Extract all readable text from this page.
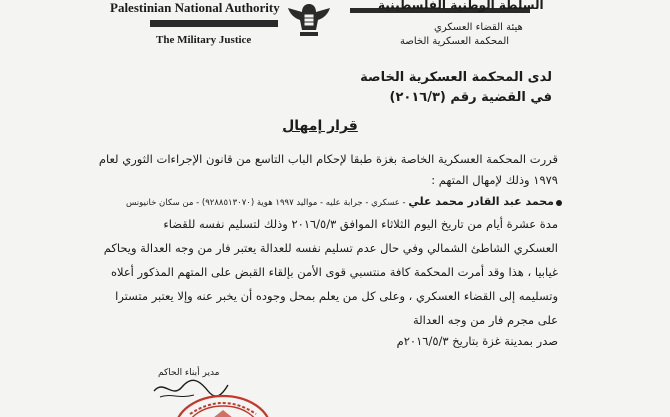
Palestinian National Authority
The Military Justice
السلطة الوطنية الفلسطينية
هيئة القضاء العسكري
المحكمة العسكرية الخاصة
لدى المحكمة العسكرية الخاصة
في القضية رقم (٢٠١٦/٣)
قرار إمهال
قررت المحكمة العسكرية الخاصة بغزة طبقا لإحكام الباب التاسع من قانون الإجراءات الثوري لعام
١٩٧٩ وذلك لإمهال المتهم :
محمد عبد القادر محمد علي - عسكري - جرابة عليه - مواليد ١٩٩٧ هوية (٩٢٨٨٥١٣٠٧٠) - من سكان خانيونس
مدة عشرة أيام من تاريخ اليوم الثلاثاء الموافق ٢٠١٦/٥/٣ وذلك لتسليم نفسه للقضاء
العسكري الشاطئ الشمالي وفي حال عدم تسليم نفسه للعدالة يعتبر فار من وجه العدالة ويحاكم
غيابيا ، هذا وقد أمرت المحكمة كافة منتسبي قوى الأمن بإلقاء القبض على المتهم المذكور أعلاه
وتسليمه إلى القضاء العسكري ، وعلى كل من يعلم بمحل وجوده أن يخبر عنه وإلا يعتبر متسترا
على مجرم فار من وجه العدالة
صدر بمدينة غزة بتاريخ ٢٠١٦/٥/٣م
مدير أبناء الحاكم
